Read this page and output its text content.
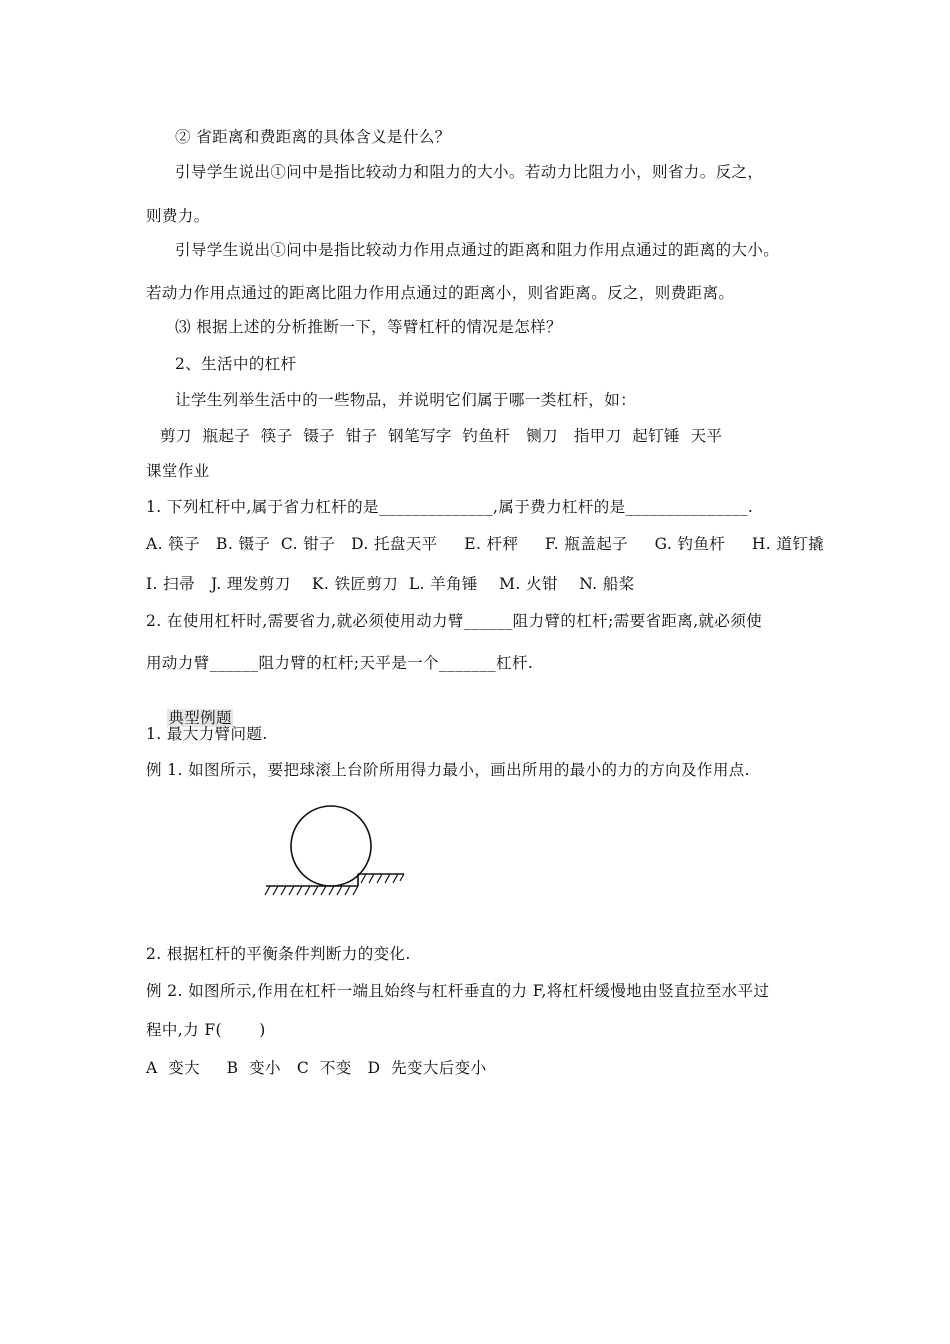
② 省距离和费距离的具体含义是什么？
引导学生说出①问中是指比较动力和阻力的大小。若动力比阻力小，则省力。反之，
则费力。
引导学生说出①问中是指比较动力作用点通过的距离和阻力作用点通过的距离的大小。
若动力作用点通过的距离比阻力作用点通过的距离小，则省距离。反之，则费距离。
⑶ 根据上述的分析推断一下，等臂杠杆的情况是怎样？
2、生活中的杠杆
让学生列举生活中的一些物品，并说明它们属于哪一类杠杆，如：
剪刀  瓶起子  筷子  镊子  钳子  钢笔写字  钓鱼杆   铡刀   指甲刀  起钉锤  天平
课堂作业
1. 下列杠杆中,属于省力杠杆的是______________,属于费力杠杆的是_______________.
A. 筷子   B. 镊子  C. 钳子   D. 托盘天平     E. 杆秤     F. 瓶盖起子     G. 钓鱼杆     H. 道钉撬
I. 扫帚   J. 理发剪刀    K. 铁匠剪刀  L. 羊角锤    M. 火钳    N. 船桨
2. 在使用杠杆时,需要省力,就必须使用动力臂______阻力臂的杠杆;需要省距离,就必须使
用动力臂______阻力臂的杠杆;天平是一个_______杠杆.

典型例题

1. 最大力臂问题.
例 1. 如图所示，要把球滚上台阶所用得力最小，画出所用的最小的力的方向及作用点.
2. 根据杠杆的平衡条件判断力的变化.
例 2. 如图所示,作用在杠杆一端且始终与杠杆垂直的力 F,将杠杆缓慢地由竖直拉至水平过
程中,力 F(       )
A  变大     B  变小   C  不变   D  先变大后变小
